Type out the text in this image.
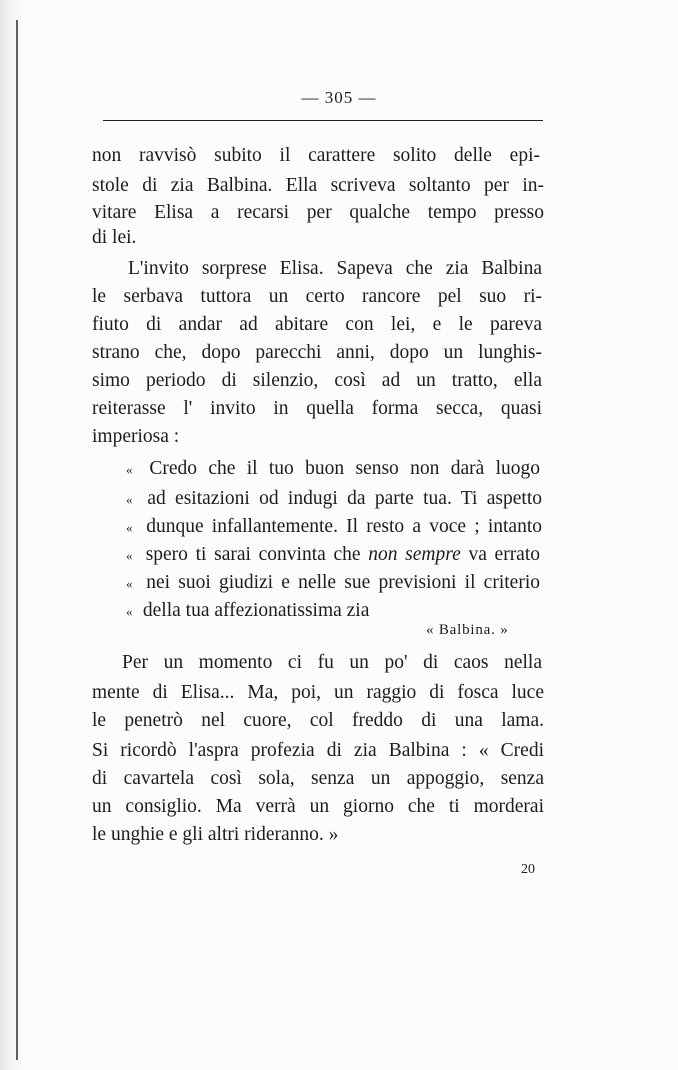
— 305 —
non ravvisò subito il carattere solito delle epi-
stole di zia Balbina. Ella scriveva soltanto per in-
vitare Elisa a recarsi per qualche tempo presso
di lei.
L'invito sorprese Elisa. Sapeva che zia Balbina
le serbava tuttora un certo rancore pel suo ri-
fiuto di andar ad abitare con lei, e le pareva
strano che, dopo parecchi anni, dopo un lunghis-
simo periodo di silenzio, così ad un tratto, ella
reiterasse l' invito in quella forma secca, quasi
imperiosa :
« Credo che il tuo buon senso non darà luogo
« ad esitazioni od indugi da parte tua. Ti aspetto
« dunque infallantemente. Il resto a voce ; intanto
« spero ti sarai convinta che non sempre va errato
« nei suoi giudizi e nelle sue previsioni il criterio
« della tua affezionatissima zia
« Balbina. »
Per un momento ci fu un po' di caos nella
mente di Elisa... Ma, poi, un raggio di fosca luce
le penetrò nel cuore, col freddo di una lama.
Si ricordò l'aspra profezia di zia Balbina : « Credi
di cavartela così sola, senza un appoggio, senza
un consiglio. Ma verrà un giorno che ti morderai
le unghie e gli altri rideranno. »
20
